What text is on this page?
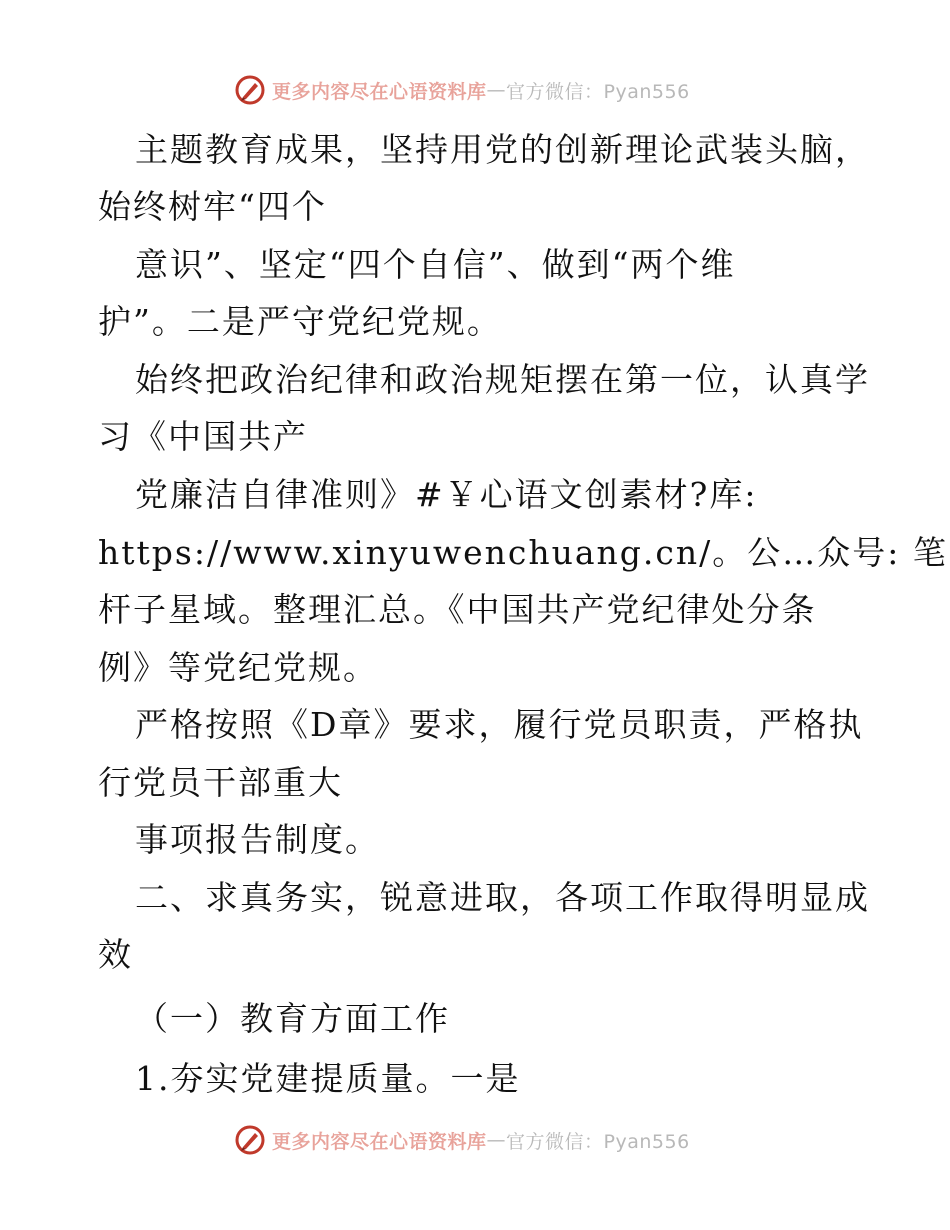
更多内容尽在心语资料库 — 官方微信：Pyan556
主题教育成果，坚持用党的创新理论武装头脑，
始终树牢“四个
意识”、坚定“四个自信”、做到“两个维
护”。二是严守党纪党规。
始终把政治纪律和政治规矩摆在第一位，认真学
习《中国共产
党廉洁自律准则》#￥心语文创素材?库:
https://www.xinyuwenchuang.cn/。公…众号: 笔
杆子星域。整理汇总。《中国共产党纪律处分条
例》等党纪党规。
严格按照《D章》要求，履行党员职责，严格执
行党员干部重大
事项报告制度。
二、求真务实，锐意进取，各项工作取得明显成
效
（一）教育方面工作
1.夯实党建提质量。一是
更多内容尽在心语资料库 — 官方微信：Pyan556
